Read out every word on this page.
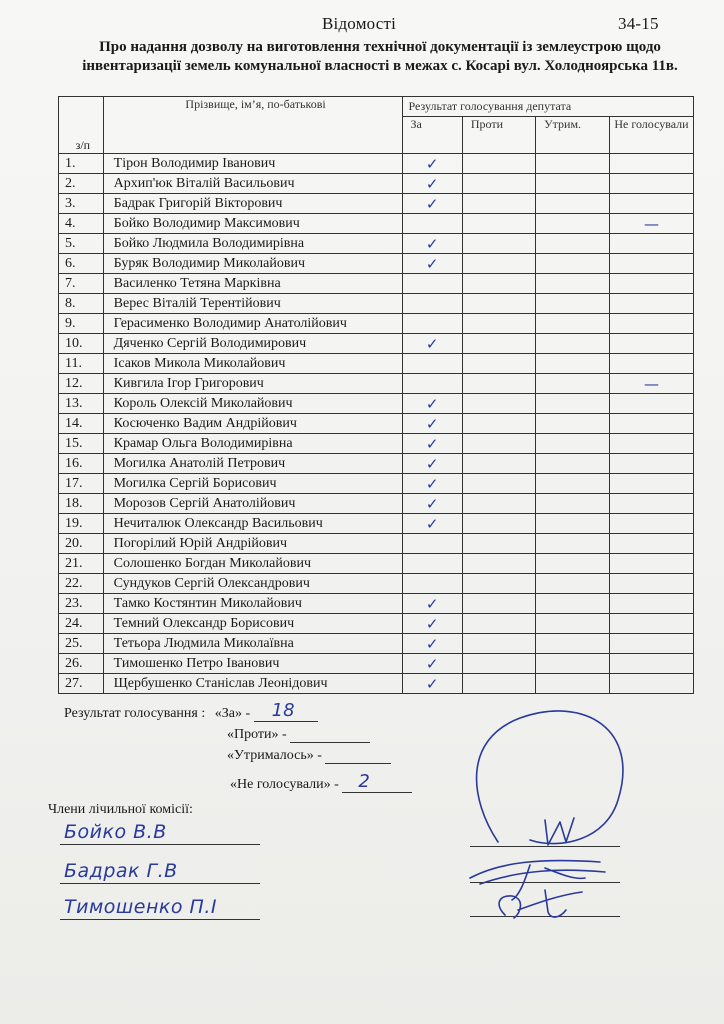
Відомості	34-15
Про надання дозволу на виготовлення технічної документації із землеустрою щодо інвентаризації земель комунальної власності в межах с. Косарі вул. Холодноярська 11в.
з/п	Прізвище, ім’я, по-батькові	Результат голосування депутата			
		За	Проти	Утрим.	Не голосували
1.	Тірон Володимир Іванович	✓			
2.	Архип'юк Віталій Васильович	✓			
3.	Бадрак Григорій Вікторович	✓			
4.	Бойко Володимир Максимович				—
5.	Бойко Людмила Володимирівна	✓			
6.	Буряк Володимир Миколайович	✓			
7.	Василенко Тетяна Марківна				
8.	Верес Віталій Терентійович				
9.	Герасименко Володимир Анатолійович				
10.	Дяченко Сергій Володимирович	✓			
11.	Ісаков Микола Миколайович				
12.	Кивгила Ігор Григорович				—
13.	Король Олексій Миколайович	✓			
14.	Косюченко Вадим Андрійович	✓			
15.	Крамар Ольга Володимирівна	✓			
16.	Могилка Анатолій Петрович	✓			
17.	Могилка Сергій Борисович	✓			
18.	Морозов Сергій Анатолійович	✓			
19.	Нечиталюк Олександр Васильович	✓			
20.	Погорілий Юрій Андрійович				
21.	Солошенко Богдан Миколайович				
22.	Сундуков Сергій Олександрович				
23.	Тамко Костянтин Миколайович	✓			
24.	Темний Олександр Борисович	✓			
25.	Тетьора Людмила Миколаївна	✓			
26.	Тимошенко Петро Іванович	✓			
27.	Щербушенко Станіслав Леонідович	✓			
Результат голосування : «За» - 18
«Проти» -
«Утрималось» -
«Не голосували» - 2
Члени лічильної комісії:
Бойко В.В
Бадрак Г.В
Тимошенко П.І
